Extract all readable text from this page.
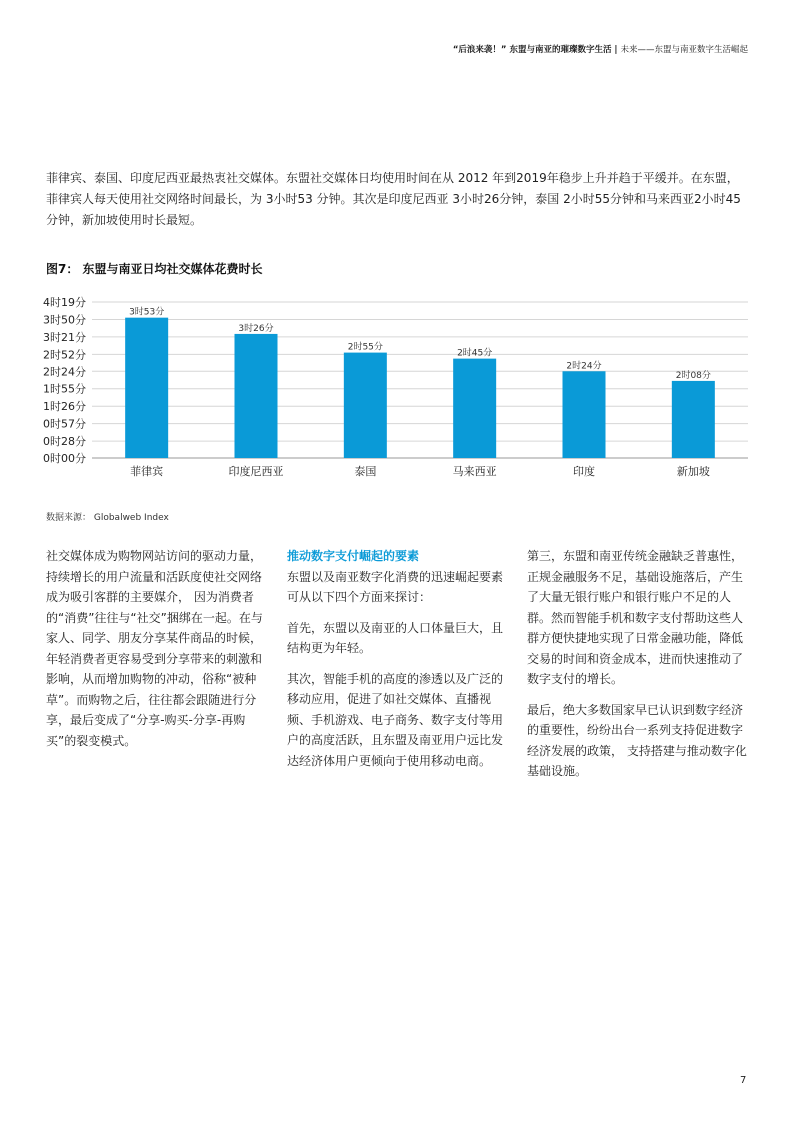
“后浪来袭！” 东盟与南亚的璀璨数字生活 | 未来——东盟与南亚数字生活崛起
菲律宾、泰国、印度尼西亚最热衷社交媒体。东盟社交媒体日均使用时间在从 2012 年到2019年稳步上升并趋于平缓并。在东盟，菲律宾人每天使用社交网络时间最长，为 3小时53 分钟。其次是印度尼西亚 3小时26分钟，泰国 2小时55分钟和马来西亚2小时45分钟，新加坡使用时长最短。
图7： 东盟与南亚日均社交媒体花费时长
0时00分
0时28分
0时57分
1时26分
1时55分
2时24分
2时52分
3时21分
3时50分
4时19分
3时53分
菲律宾
3时26分
印度尼西亚
2时55分
泰国
2时45分
马来西亚
2时24分
印度
2时08分
新加坡
数据来源： Globalweb Index

社交媒体成为购物网站访问的驱动力量，持续增长的用户流量和活跃度使社交网络成为吸引客群的主要媒介， 因为消费者的“消费”往往与“社交”捆绑在一起。在与家人、同学、朋友分享某件商品的时候，年轻消费者更容易受到分享带来的刺激和影响，从而增加购物的冲动，俗称“被种草”。而购物之后，往往都会跟随进行分享，最后变成了“分享-购买-分享-再购买”的裂变模式。

推动数字支付崛起的要素

东盟以及南亚数字化消费的迅速崛起要素可从以下四个方面来探讨：

首先，东盟以及南亚的人口体量巨大，且结构更为年轻。

其次，智能手机的高度的渗透以及广泛的移动应用，促进了如社交媒体、直播视频、手机游戏、电子商务、数字支付等用户的高度活跃，且东盟及南亚用户远比发达经济体用户更倾向于使用移动电商。

第三，东盟和南亚传统金融缺乏普惠性，正规金融服务不足，基础设施落后，产生了大量无银行账户和银行账户不足的人群。然而智能手机和数字支付帮助这些人群方便快捷地实现了日常金融功能，降低交易的时间和资金成本，进而快速推动了数字支付的增长。

最后，绝大多数国家早已认识到数字经济的重要性，纷纷出台一系列支持促进数字经济发展的政策， 支持搭建与推动数字化基础设施。

7
